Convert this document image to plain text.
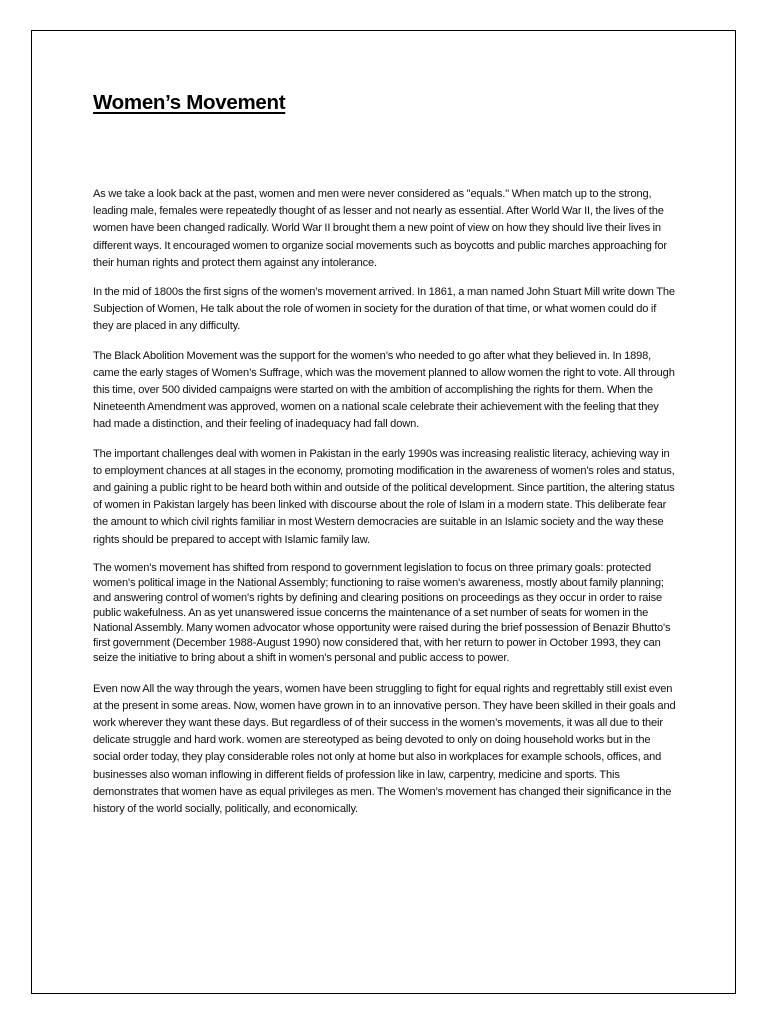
Women’s Movement

As we take a look back at the past, women and men were never considered as "equals." When match up to the strong, leading male, females were repeatedly thought of as lesser and not nearly as essential. After World War II, the lives of the women have been changed radically. World War II brought them a new point of view on how they should live their lives in different ways. It encouraged women to organize social movements such as boycotts and public marches approaching for their human rights and protect them against any intolerance.

In the mid of 1800s the first signs of the women’s movement arrived. In 1861, a man named John Stuart Mill write down The Subjection of Women, He talk about the role of women in society for the duration of that time, or what women could do if they are placed in any difficulty.

The Black Abolition Movement was the support for the women’s who needed to go after what they believed in. In 1898, came the early stages of Women’s Suffrage, which was the movement planned to allow women the right to vote. All through this time, over 500 divided campaigns were started on with the ambition of accomplishing the rights for them. When the Nineteenth Amendment was approved, women on a national scale celebrate their achievement with the feeling that they had made a distinction, and their feeling of inadequacy had fall down.

The important challenges deal with women in Pakistan in the early 1990s was increasing realistic literacy, achieving way in to employment chances at all stages in the economy, promoting modification in the awareness of women's roles and status, and gaining a public right to be heard both within and outside of the political development. Since partition, the altering status of women in Pakistan largely has been linked with discourse about the role of Islam in a modern state. This deliberate fear the amount to which civil rights familiar in most Western democracies are suitable in an Islamic society and the way these rights should be prepared to accept with Islamic family law.

The women's movement has shifted from respond to government legislation to focus on three primary goals: protected women's political image in the National Assembly; functioning to raise women's awareness, mostly about family planning; and answering control of women's rights by defining and clearing positions on proceedings as they occur in order to raise public wakefulness. An as yet unanswered issue concerns the maintenance of a set number of seats for women in the National Assembly. Many women advocator whose opportunity were raised during the brief possession of Benazir Bhutto's first government (December 1988-August 1990) now considered that, with her return to power in October 1993, they can seize the initiative to bring about a shift in women's personal and public access to power.

Even now All the way through the years, women have been struggling to fight for equal rights and regrettably still exist even at the present in some areas. Now, women have grown in to an innovative person. They have been skilled in their goals and work wherever they want these days. But regardless of of their success in the women’s movements, it was all due to their delicate struggle and hard work. women are stereotyped as being devoted to only on doing household works but in the social order today, they play considerable roles not only at home but also in workplaces for example schools, offices, and businesses also woman inflowing in different fields of profession like in law, carpentry, medicine and sports. This demonstrates that women have as equal privileges as men. The Women’s movement has changed their significance in the history of the world socially, politically, and economically.
